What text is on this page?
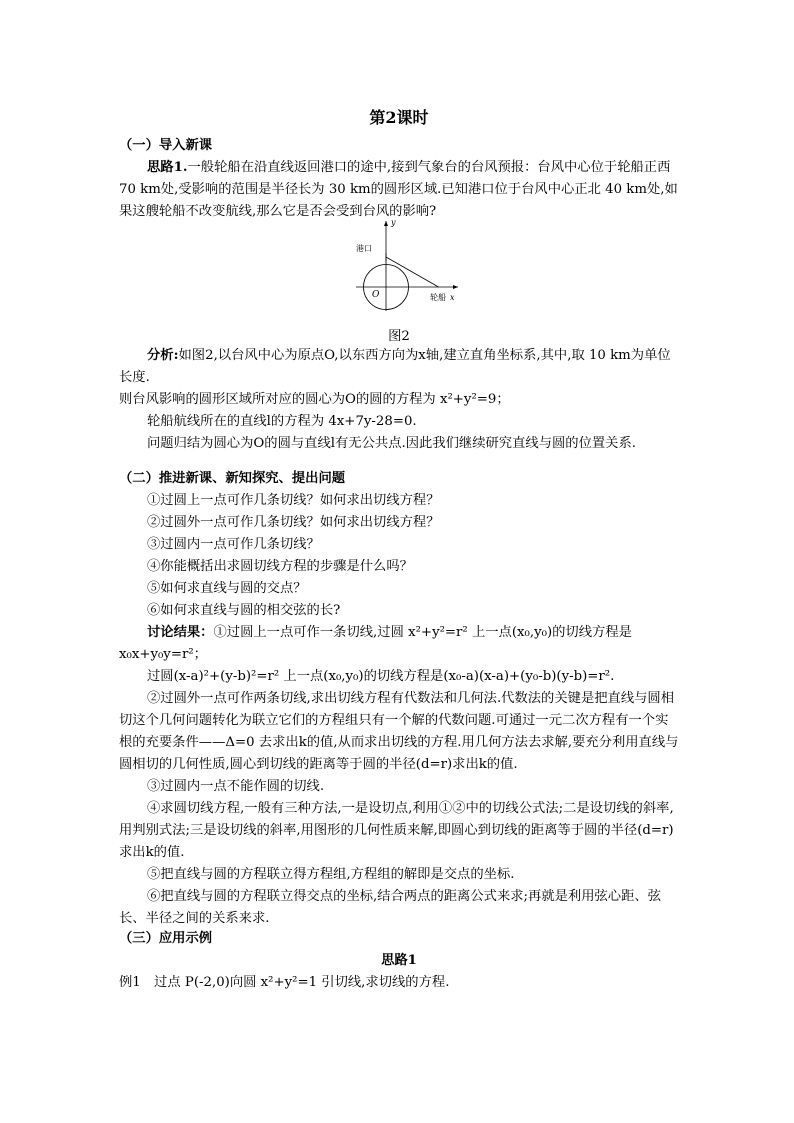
第2课时
（一）导入新课
思路1.一般轮船在沿直线返回港口的途中,接到气象台的台风预报：台风中心位于轮船正西 70 km处,受影响的范围是半径长为 30 km的圆形区域.已知港口位于台风中心正北 40 km处,如果这艘轮船不改变航线,那么它是否会受到台风的影响?
y
港口
O	轮船 x
图2
分析:如图2,以台风中心为原点O,以东西方向为x轴,建立直角坐标系,其中,取 10 km为单位长度.
则台风影响的圆形区域所对应的圆心为O的圆的方程为 x²+y²=9；
轮船航线所在的直线l的方程为 4x+7y-28=0.
问题归结为圆心为O的圆与直线l有无公共点.因此我们继续研究直线与圆的位置关系.
（二）推进新课、新知探究、提出问题
①过圆上一点可作几条切线？如何求出切线方程？
②过圆外一点可作几条切线？如何求出切线方程？
③过圆内一点可作几条切线？
④你能概括出求圆切线方程的步骤是什么吗？
⑤如何求直线与圆的交点？
⑥如何求直线与圆的相交弦的长?
讨论结果：①过圆上一点可作一条切线,过圆 x²+y²=r² 上一点(x₀,y₀)的切线方程是x₀x+y₀y=r²；
过圆(x-a)²+(y-b)²=r² 上一点(x₀,y₀)的切线方程是(x₀-a)(x-a)+(y₀-b)(y-b)=r².
②过圆外一点可作两条切线,求出切线方程有代数法和几何法.代数法的关键是把直线与圆相切这个几何问题转化为联立它们的方程组只有一个解的代数问题.可通过一元二次方程有一个实根的充要条件——Δ=0 去求出k的值,从而求出切线的方程.用几何方法去求解,要充分利用直线与圆相切的几何性质,圆心到切线的距离等于圆的半径(d=r)求出k的值.
③过圆内一点不能作圆的切线.
④求圆切线方程,一般有三种方法,一是设切点,利用①②中的切线公式法;二是设切线的斜率,用判别式法;三是设切线的斜率,用图形的几何性质来解,即圆心到切线的距离等于圆的半径(d=r)求出k的值.
⑤把直线与圆的方程联立得方程组,方程组的解即是交点的坐标.
⑥把直线与圆的方程联立得交点的坐标,结合两点的距离公式来求;再就是利用弦心距、弦长、半径之间的关系来求.
（三）应用示例
思路1
例1　过点 P(-2,0)向圆 x²+y²=1 引切线,求切线的方程.
